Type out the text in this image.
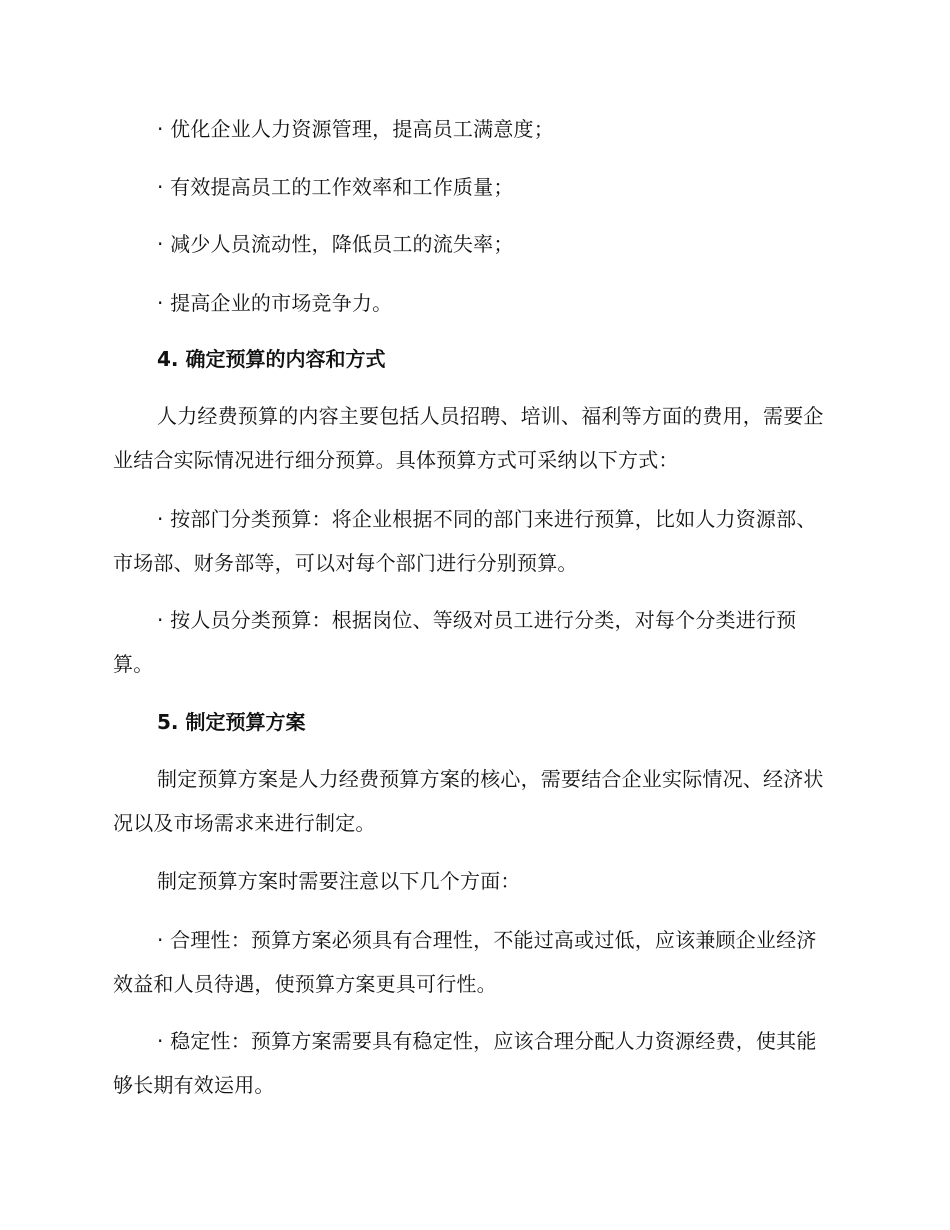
· 优化企业人力资源管理，提高员工满意度；

· 有效提高员工的工作效率和工作质量；

· 减少人员流动性，降低员工的流失率；

· 提高企业的市场竞争力。

4. 确定预算的内容和方式

人力经费预算的内容主要包括人员招聘、培训、福利等方面的费用，需要企业结合实际情况进行细分预算。具体预算方式可采纳以下方式：

· 按部门分类预算：将企业根据不同的部门来进行预算，比如人力资源部、市场部、财务部等，可以对每个部门进行分别预算。

· 按人员分类预算：根据岗位、等级对员工进行分类，对每个分类进行预算。

5. 制定预算方案

制定预算方案是人力经费预算方案的核心，需要结合企业实际情况、经济状况以及市场需求来进行制定。

制定预算方案时需要注意以下几个方面：

· 合理性：预算方案必须具有合理性，不能过高或过低，应该兼顾企业经济效益和人员待遇，使预算方案更具可行性。

· 稳定性：预算方案需要具有稳定性，应该合理分配人力资源经费，使其能够长期有效运用。
